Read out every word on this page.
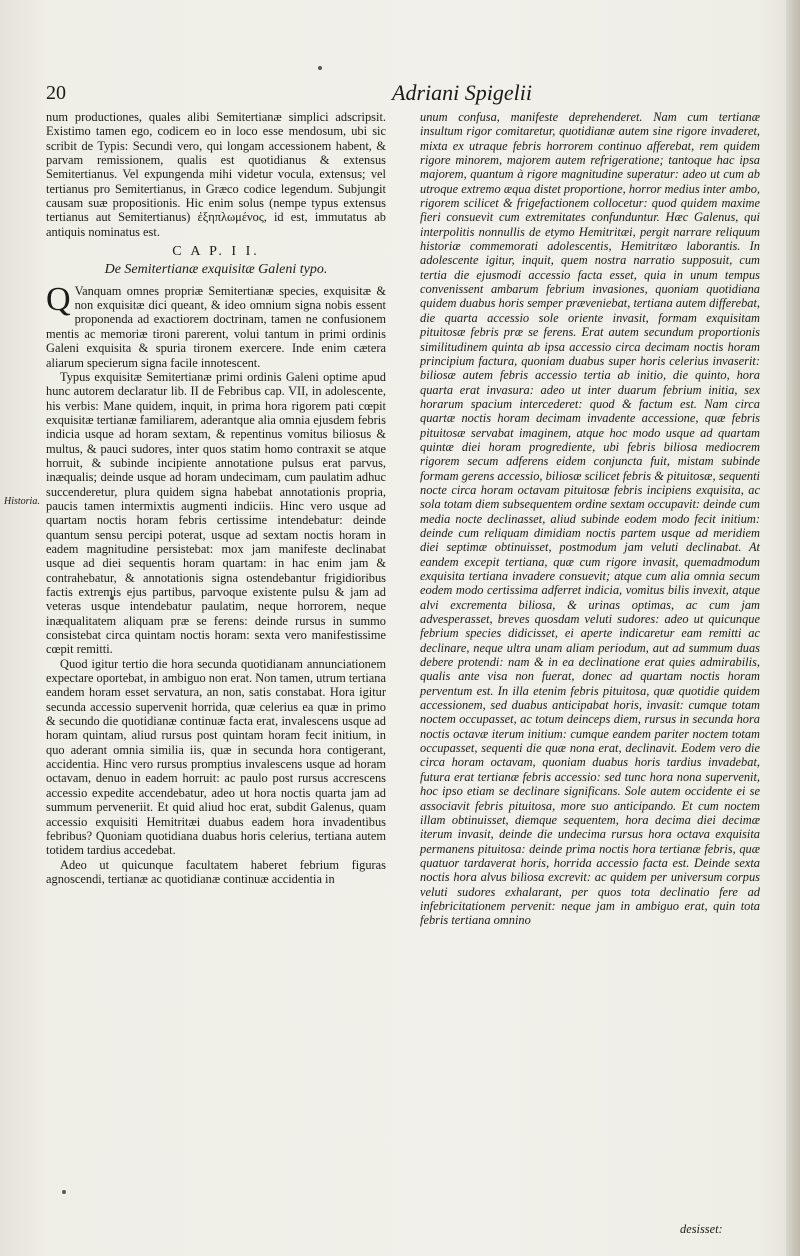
20	Adriani Spigelii
Historia.

num productiones, quales alibi Semitertianæ simplici adscripsit. Existimo tamen ego, codicem eo in loco esse mendosum, ubi sic scribit de Typis: Secundi vero, qui longam accessionem habent, & parvam remissionem, qualis est quotidianus & extensus Semitertianus. Vel expungenda mihi videtur vocula, extensus; vel tertianus pro Semitertianus, in Græco codice legendum. Subjungit causam suæ propositionis. Hic enim solus (nempe typus extensus tertianus aut Semitertianus) ἐξηπλωμένος, id est, immutatus ab antiquis nominatus est.

C A P. I I.
De Semitertianæ exquisitæ Galeni typo.
Q Vanquam omnes propriæ Semitertianæ species, exquisitæ & non exquisitæ dici queant, & ideo omnium signa nobis essent proponenda ad exactiorem doctrinam, tamen ne confusionem mentis ac memoriæ tironi parerent, volui tantum in primi ordinis Galeni exquisita & spuria tironem exercere. Inde enim cætera aliarum specierum signa facile innotescent.

Typus exquisitæ Semitertianæ primi ordinis Galeni optime apud hunc autorem declaratur lib. II de Febribus cap. VII, in adolescente, his verbis: Mane quidem, inquit, in prima hora rigorem pati cœpit exquisitæ tertianæ familiarem, aderantque alia omnia ejusdem febris indicia usque ad horam sextam, & repentinus vomitus biliosus & multus, & pauci sudores, inter quos statim homo contraxit se atque horruit, & subinde incipiente annotatione pulsus erat parvus, inæqualis; deinde usque ad horam undecimam, cum paulatim adhuc succenderetur, plura quidem signa habebat annotationis propria, paucis tamen intermixtis augmenti indiciis. Hinc vero usque ad quartam noctis horam febris certissime intendebatur: deinde quantum sensu percipi poterat, usque ad sextam noctis horam in eadem magnitudine persistebat: mox jam manifeste declinabat usque ad diei sequentis horam quartam: in hac enim jam & contrahebatur, & annotationis signa ostendebantur frigidioribus factis extremis ejus partibus, parvoque existente pulsu & jam ad veteras usque intendebatur paulatim, neque horrorem, neque inæqualitatem aliquam præ se ferens: deinde rursus in summo consistebat circa quintam noctis horam: sexta vero manifestissime cœpit remitti.

Quod igitur tertio die hora secunda quotidianam annunciationem expectare oportebat, in ambiguo non erat. Non tamen, utrum tertiana eandem horam esset servatura, an non, satis constabat. Hora igitur secunda accessio supervenit horrida, quæ celerius ea quæ in primo & secundo die quotidianæ continuæ facta erat, invalescens usque ad horam quintam, aliud rursus post quintam horam fecit initium, in quo aderant omnia similia iis, quæ in secunda hora contigerant, accidentia. Hinc vero rursus promptius invalescens usque ad horam octavam, denuo in eadem horruit: ac paulo post rursus accrescens accessio expedite accendebatur, adeo ut hora noctis quarta jam ad summum perveneriit. Et quid aliud hoc erat, subdit Galenus, quam accessio exquisiti Hemitritæi duabus eadem hora invadentibus febribus? Quoniam quotidiana duabus horis celerius, tertiana autem totidem tardius accedebat.

Adeo ut quicunque facultatem haberet febrium figuras agnoscendi, tertianæ ac quotidianæ continuæ accidentia in

unum confusa, manifeste deprehenderet. Nam cum tertianæ insultum rigor comitaretur, quotidianæ autem sine rigore invaderet, mixta ex utraque febris horrorem continuo afferebat, rem quidem rigore minorem, majorem autem refrigeratione; tantoque hac ipsa majorem, quantum à rigore magnitudine superatur: adeo ut cum ab utroque extremo æqua distet proportione, horror medius inter ambo, rigorem scilicet & frigefactionem collocetur: quod quidem maxime fieri consuevit cum extremitates confunduntur. Hæc Galenus, qui interpolitis nonnullis de etymo Hemitritæi, pergit narrare reliquum historiæ commemorati adolescentis, Hemitritæo laborantis. In adolescente igitur, inquit, quem nostra narratio supposuit, cum tertia die ejusmodi accessio facta esset, quia in unum tempus convenissent ambarum febrium invasiones, quoniam quotidiana quidem duabus horis semper præveniebat, tertiana autem differebat, die quarta accessio sole oriente invasit, formam exquisitam pituitosæ febris præ se ferens. Erat autem secundum proportionis similitudinem quinta ab ipsa accessio circa decimam noctis horam principium factura, quoniam duabus super horis celerius invaserit: biliosæ autem febris accessio tertia ab initio, die quinto, hora quarta erat invasura: adeo ut inter duarum febrium initia, sex horarum spacium intercederet: quod & factum est. Nam circa quartæ noctis horam decimam invadente accessione, quæ febris pituitosæ servabat imaginem, atque hoc modo usque ad quartam quintæ diei horam progrediente, ubi febris biliosa mediocrem rigorem secum adferens eidem conjuncta fuit, mistam subinde formam gerens accessio, biliosæ scilicet febris & pituitosæ, sequenti nocte circa horam octavam pituitosæ febris incipiens exquisita, ac sola totam diem subsequentem ordine sextam occupavit: deinde cum media nocte declinasset, aliud subinde eodem modo fecit initium: deinde cum reliquam dimidiam noctis partem usque ad meridiem diei septimæ obtinuisset, postmodum jam veluti declinabat. At eandem excepit tertiana, quæ cum rigore invasit, quemadmodum exquisita tertiana invadere consuevit; atque cum alia omnia secum eodem modo certissima adferret indicia, vomitus bilis invexit, atque alvi excrementa biliosa, & urinas optimas, ac cum jam advesperasset, breves quosdam veluti sudores: adeo ut quicunque febrium species didicisset, ei aperte indicaretur eam remitti ac declinare, neque ultra unam aliam periodum, aut ad summum duas debere protendi: nam & in ea declinatione erat quies admirabilis, qualis ante visa non fuerat, donec ad quartam noctis horam perventum est. In illa etenim febris pituitosa, quæ quotidie quidem accessionem, sed duabus anticipabat horis, invasit: cumque totam noctem occupasset, ac totum deinceps diem, rursus in secunda hora noctis octavæ iterum initium: cumque eandem pariter noctem totam occupasset, sequenti die quæ nona erat, declinavit. Eodem vero die circa horam octavam, quoniam duabus horis tardius invadebat, futura erat tertianæ febris accessio: sed tunc hora nona supervenit, hoc ipso etiam se declinare significans. Sole autem occidente ei se associavit febris pituitosa, more suo anticipando. Et cum noctem illam obtinuisset, diemque sequentem, hora decima diei decimæ iterum invasit, deinde die undecima rursus hora octava exquisita permanens pituitosa: deinde prima noctis hora tertianæ febris, quæ quatuor tardaverat horis, horrida accessio facta est. Deinde sexta noctis hora alvus biliosa excrevit: ac quidem per universum corpus veluti sudores exhalarant, per quos tota declinatio fere ad infebricitationem pervenit: neque jam in ambiguo erat, quin tota febris tertiana omnino

desisset:
